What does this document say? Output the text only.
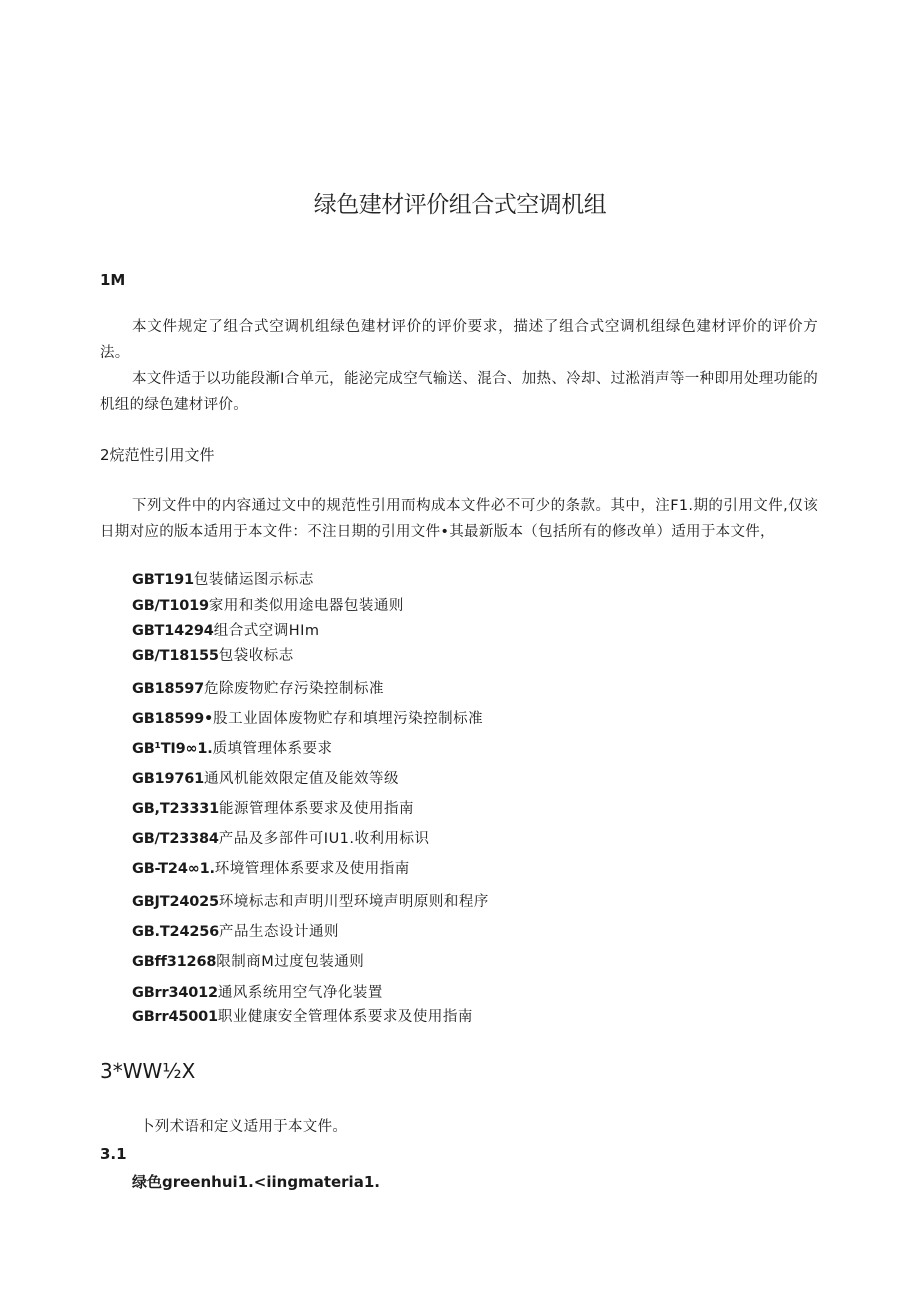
绿色建材评价组合式空调机组
1M

本文件规定了组合式空调机组绿色建材评价的评价要求，描述了组合式空调机组绿色建材评价的评价方法。

本文件适于以功能段漸I合单元，能泌完成空气输送、混合、加热、冷却、过淞消声等一种即用处理功能的机组的绿色建材评价。

2烷范性引用文件

下列文件中的内容通过文中的规范性引用而构成本文件必不可少的条款。其中，注F1.期的引用文件,仅该日期对应的版本适用于本文件：不注日期的引用文件•其最新版本（包括所有的修改单）适用于本文件，

GBT191包装储运图示标志
GB/T1019家用和类似用途电器包装通则
GBT14294组合式空调HIm
GB/T18155包袋收标志
GB18597危除废物贮存污染控制标准
GB18599•股工业固体废物贮存和填埋污染控制标准
GB¹TI9∞1.质填管理体系要求
GB19761通风机能效限定值及能效等级
GB,T23331能源管理体系要求及使用指南
GB/T23384产品及多部件可IU1.收利用标识
GB-T24∞1.环境管理体系要求及使用指南
GBJT24025环境标志和声明川型环境声明原则和程序
GB.T24256产品生态设计通则
GBff31268限制商M过度包装通则
GBrr34012通风系统用空气净化装置
GBrr45001职业健康安全管理体系要求及使用指南
3*WW½X
卜列术语和定义适用于本文件。
3.1
绿色greenhui1.<iingmateria1.
